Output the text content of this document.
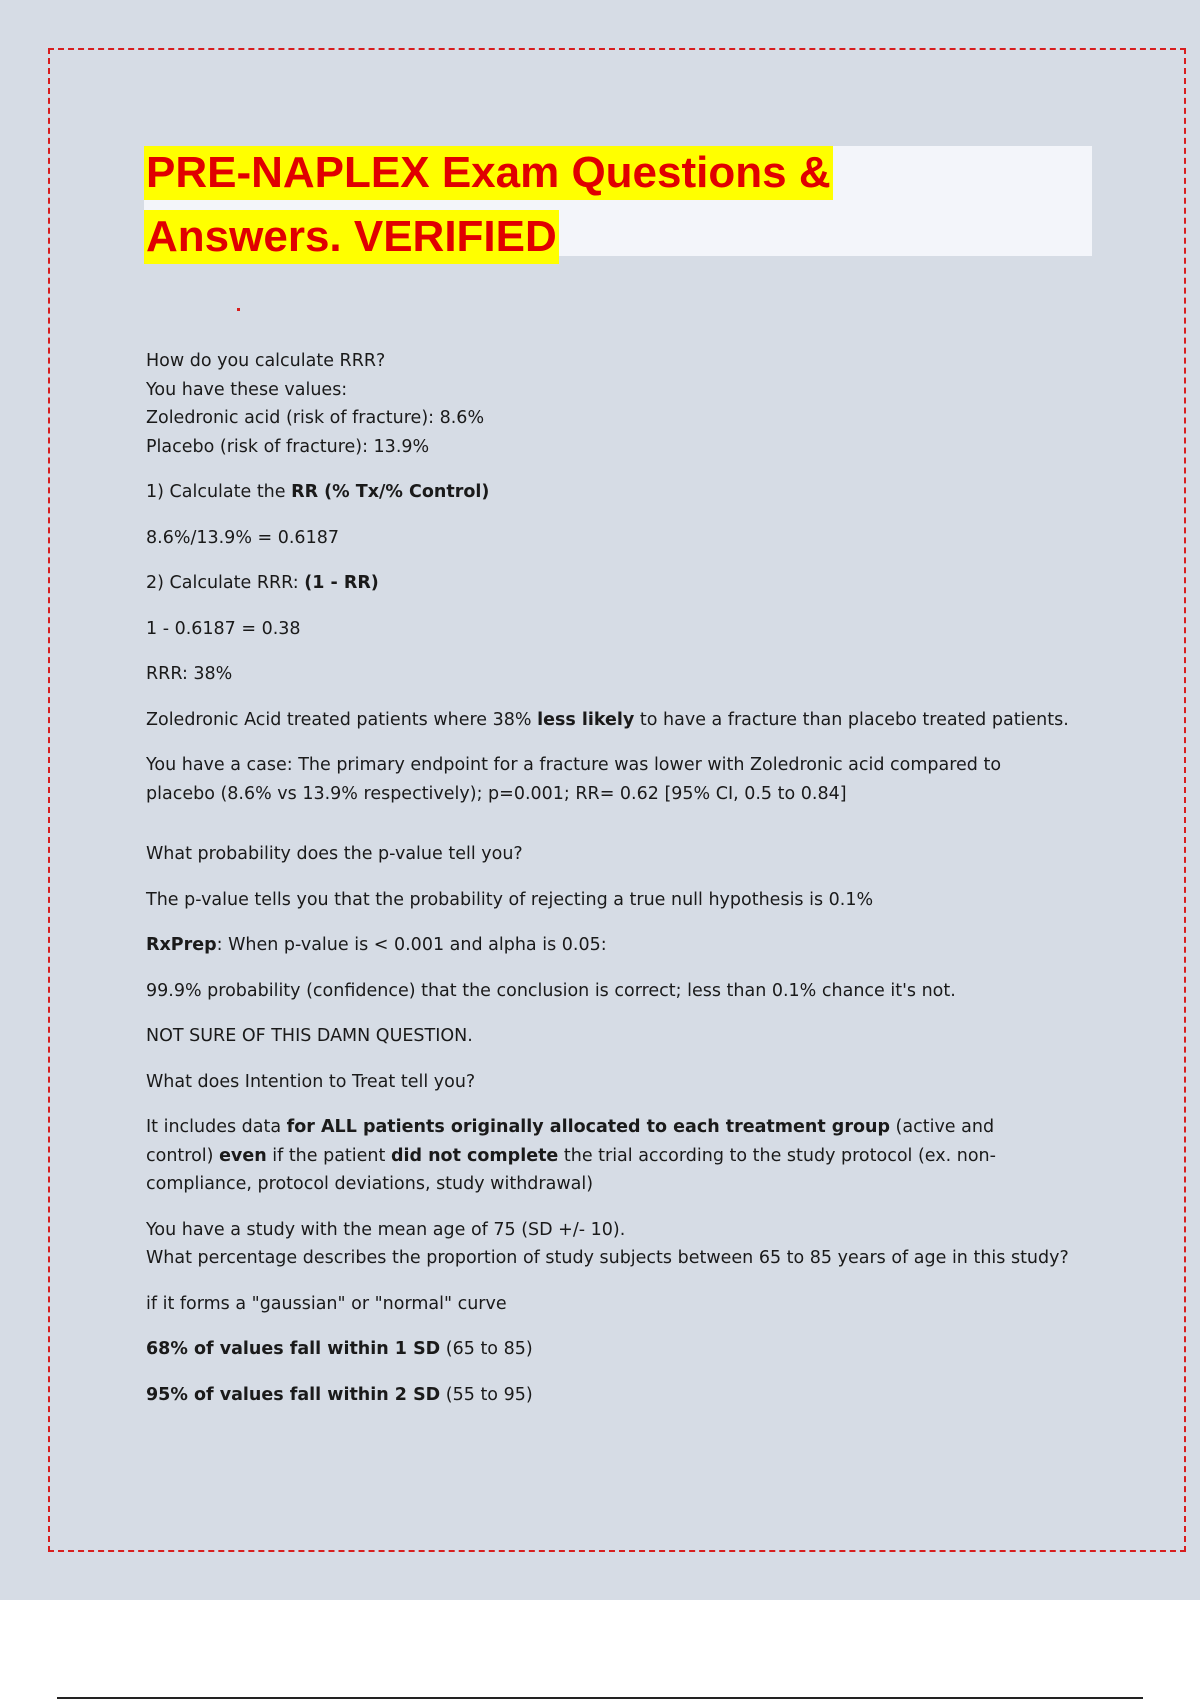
PRE-NAPLEX Exam Questions &
Answers. VERIFIED

How do you calculate RRR?
You have these values:
Zoledronic acid (risk of fracture): 8.6%
Placebo (risk of fracture): 13.9%

1) Calculate the RR (% Tx/% Control)

8.6%/13.9% = 0.6187

2) Calculate RRR: (1 - RR)

1 - 0.6187 = 0.38

RRR: 38%

Zoledronic Acid treated patients where 38% less likely to have a fracture than placebo treated patients.

You have a case: The primary endpoint for a fracture was lower with Zoledronic acid compared to
placebo (8.6% vs 13.9% respectively); p=0.001; RR= 0.62 [95% CI, 0.5 to 0.84]

What probability does the p-value tell you?

The p-value tells you that the probability of rejecting a true null hypothesis is 0.1%

RxPrep: When p-value is < 0.001 and alpha is 0.05:

99.9% probability (confidence) that the conclusion is correct; less than 0.1% chance it's not.

NOT SURE OF THIS DAMN QUESTION.

What does Intention to Treat tell you?

It includes data for ALL patients originally allocated to each treatment group (active and
control) even if the patient did not complete the trial according to the study protocol (ex. non-
compliance, protocol deviations, study withdrawal)

You have a study with the mean age of 75 (SD +/- 10).
What percentage describes the proportion of study subjects between 65 to 85 years of age in this study?

if it forms a "gaussian" or "normal" curve

68% of values fall within 1 SD (65 to 85)

95% of values fall within 2 SD (55 to 95)
